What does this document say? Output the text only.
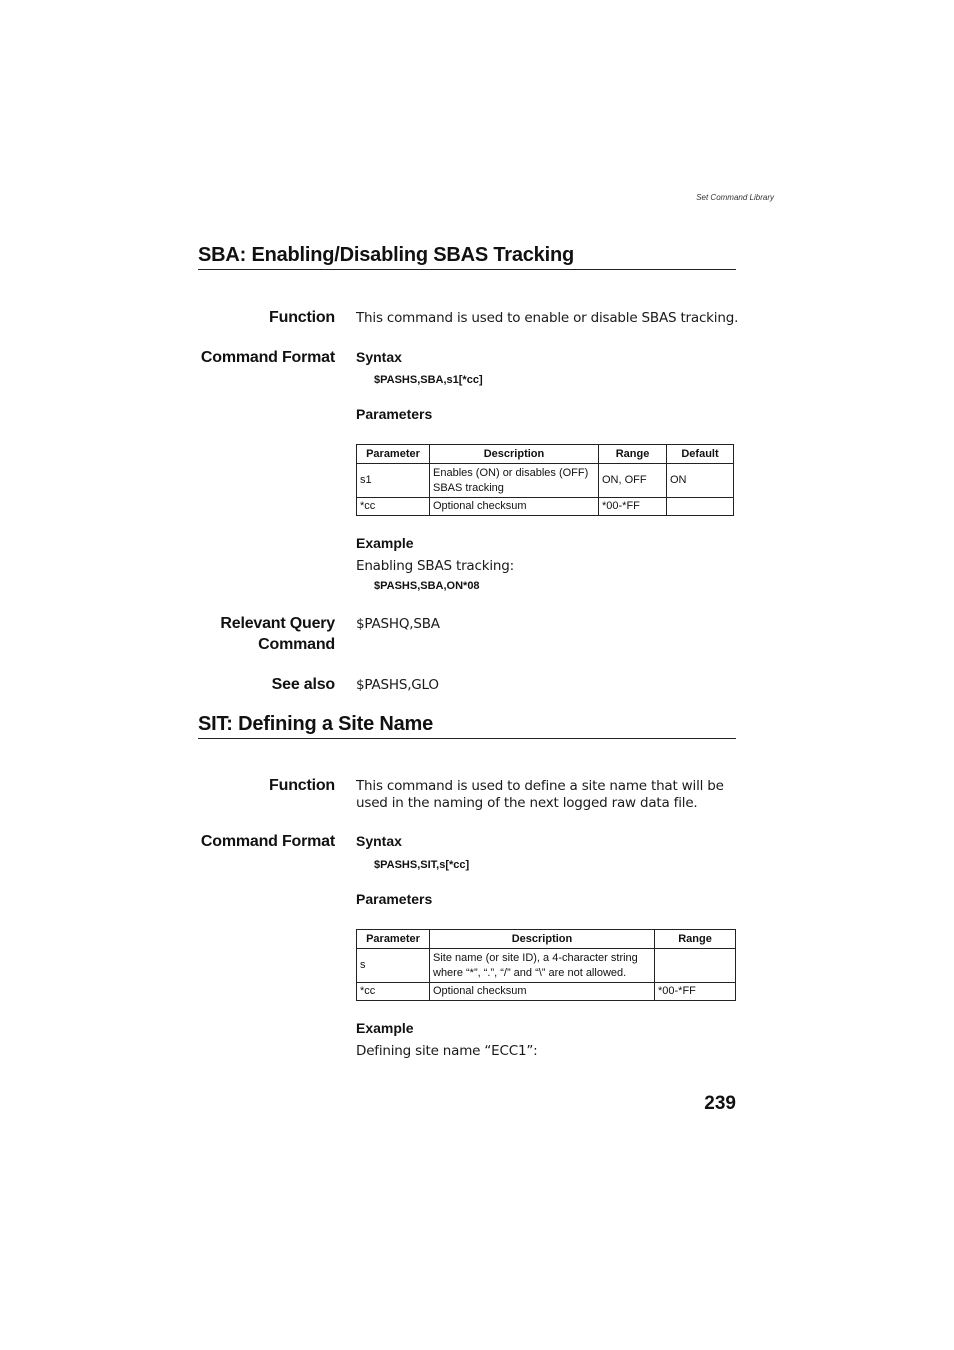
Set Command Library
SBA: Enabling/Disabling SBAS Tracking
Function This command is used to enable or disable SBAS tracking.
Command Format Syntax
$PASHS,SBA,s1[*cc]
Parameters
Parameter	Description	Range	Default
s1	Enables (ON) or disables (OFF) SBAS tracking	ON, OFF	ON
*cc	Optional checksum	*00-*FF	
Example
Enabling SBAS tracking:
$PASHS,SBA,ON*08
Relevant Query
Command
$PASHQ,SBA
See also $PASHS,GLO
SIT: Defining a Site Name
Function This command is used to define a site name that will be used in the naming of the next logged raw data file.
Command Format Syntax
$PASHS,SIT,s[*cc]
Parameters
Parameter	Description	Range
s	Site name (or site ID), a 4-character string where “*”, “.”, “/” and “\” are not allowed.	
*cc	Optional checksum	*00-*FF
Example
Defining site name “ECC1”:
239
